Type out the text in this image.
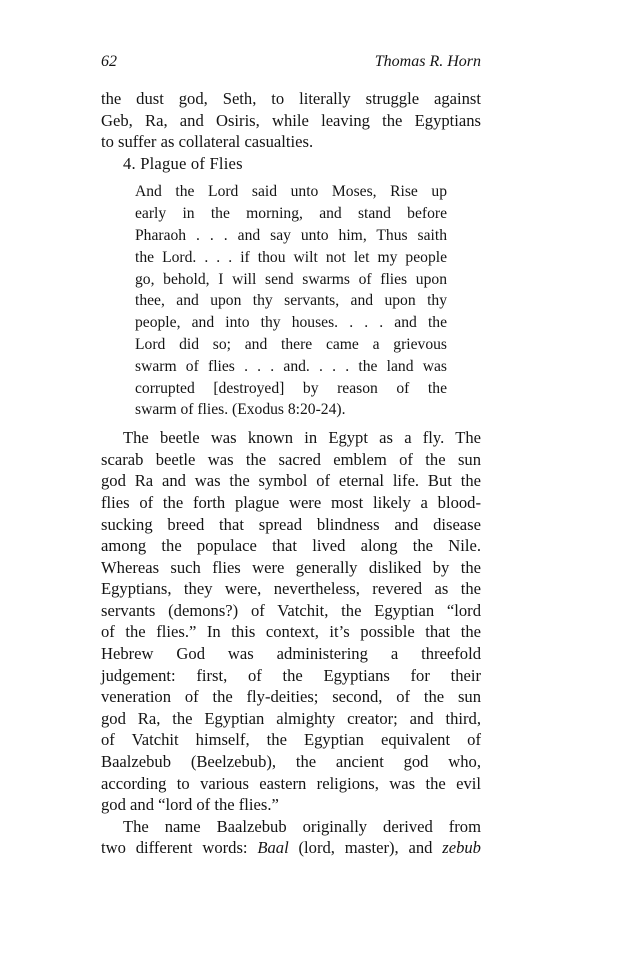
62	Thomas R. Horn

the dust god, Seth, to literally struggle against

Geb, Ra, and Osiris, while leaving the Egyptians

to suffer as collateral casualties.

4. Plague of Flies

And the Lord said unto Moses, Rise up

early in the morning, and stand before

Pharaoh . . . and say unto him, Thus saith

the Lord. . . . if thou wilt not let my people

go, behold, I will send swarms of flies upon

thee, and upon thy servants, and upon thy

people, and into thy houses. . . . and the

Lord did so; and there came a grievous

swarm of flies . . . and. . . . the land was

corrupted [destroyed] by reason of the

swarm of flies. (Exodus 8:20-24).

The beetle was known in Egypt as a fly. The

scarab beetle was the sacred emblem of the sun

god Ra and was the symbol of eternal life. But the

flies of the forth plague were most likely a blood-

sucking breed that spread blindness and disease

among the populace that lived along the Nile.

Whereas such flies were generally disliked by the

Egyptians, they were, nevertheless, revered as the

servants (demons?) of Vatchit, the Egyptian “lord

of the flies.” In this context, it’s possible that the

Hebrew God was administering a threefold

judgement: first, of the Egyptians for their

veneration of the fly-deities; second, of the sun

god Ra, the Egyptian almighty creator; and third,

of Vatchit himself, the Egyptian equivalent of

Baalzebub (Beelzebub), the ancient god who,

according to various eastern religions, was the evil

god and “lord of the flies.”

The name Baalzebub originally derived from

two different words: Baal (lord, master), and zebub
